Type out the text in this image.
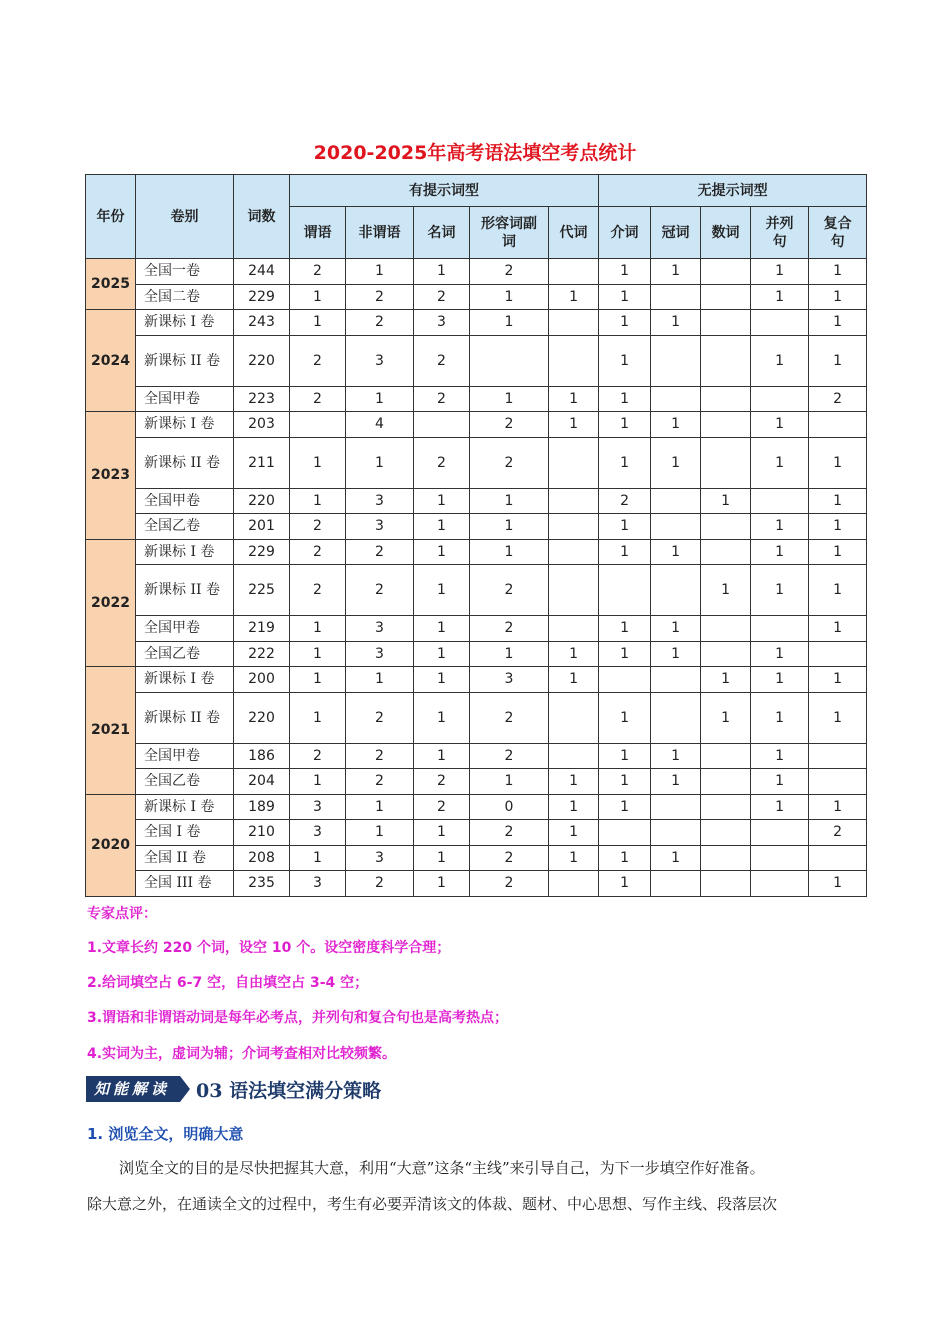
2020-2025年高考语法填空考点统计
年份	卷别	词数	有提示词型					无提示词型				
			谓语	非谓语	名词	形容词副词	代词	介词	冠词	数词	并列句	复合句
2025	全国一卷	244	2	1	1	2		1	1		1	1
	全国二卷	229	1	2	2	1	1	1			1	1
2024	新课标 I 卷	243	1	2	3	1		1	1			1
	新课标 II 卷	220	2	3	2			1			1	1
	全国甲卷	223	2	1	2	1	1	1				2
2023	新课标 I 卷	203		4		2	1	1	1		1	
	新课标 II 卷	211	1	1	2	2		1	1		1	1
	全国甲卷	220	1	3	1	1		2		1		1
	全国乙卷	201	2	3	1	1		1			1	1
2022	新课标 I 卷	229	2	2	1	1		1	1		1	1
	新课标 II 卷	225	2	2	1	2				1	1	1
	全国甲卷	219	1	3	1	2		1	1			1
	全国乙卷	222	1	3	1	1	1	1	1		1	
2021	新课标 I 卷	200	1	1	1	3	1			1	1	1
	新课标 II 卷	220	1	2	1	2		1		1	1	1
	全国甲卷	186	2	2	1	2		1	1		1	
	全国乙卷	204	1	2	2	1	1	1	1		1	
2020	新课标 I 卷	189	3	1	2	0	1	1			1	1
	全国 I 卷	210	3	1	1	2	1					2
	全国 II 卷	208	1	3	1	2	1	1	1			
	全国 III 卷	235	3	2	1	2		1				1
专家点评：
1.文章长约 220 个词，设空 10 个。设空密度科学合理；
2.给词填空占 6-7 空，自由填空占 3-4 空；
3.谓语和非谓语动词是每年必考点，并列句和复合句也是高考热点；
4.实词为主，虚词为辅；介词考查相对比较频繁。
知能解读	03 语法填空满分策略
1. 浏览全文，明确大意
浏览全文的目的是尽快把握其大意，利用“大意”这条“主线”来引导自己，为下一步填空作好准备。
除大意之外，在通读全文的过程中，考生有必要弄清该文的体裁、题材、中心思想、写作主线、段落层次
